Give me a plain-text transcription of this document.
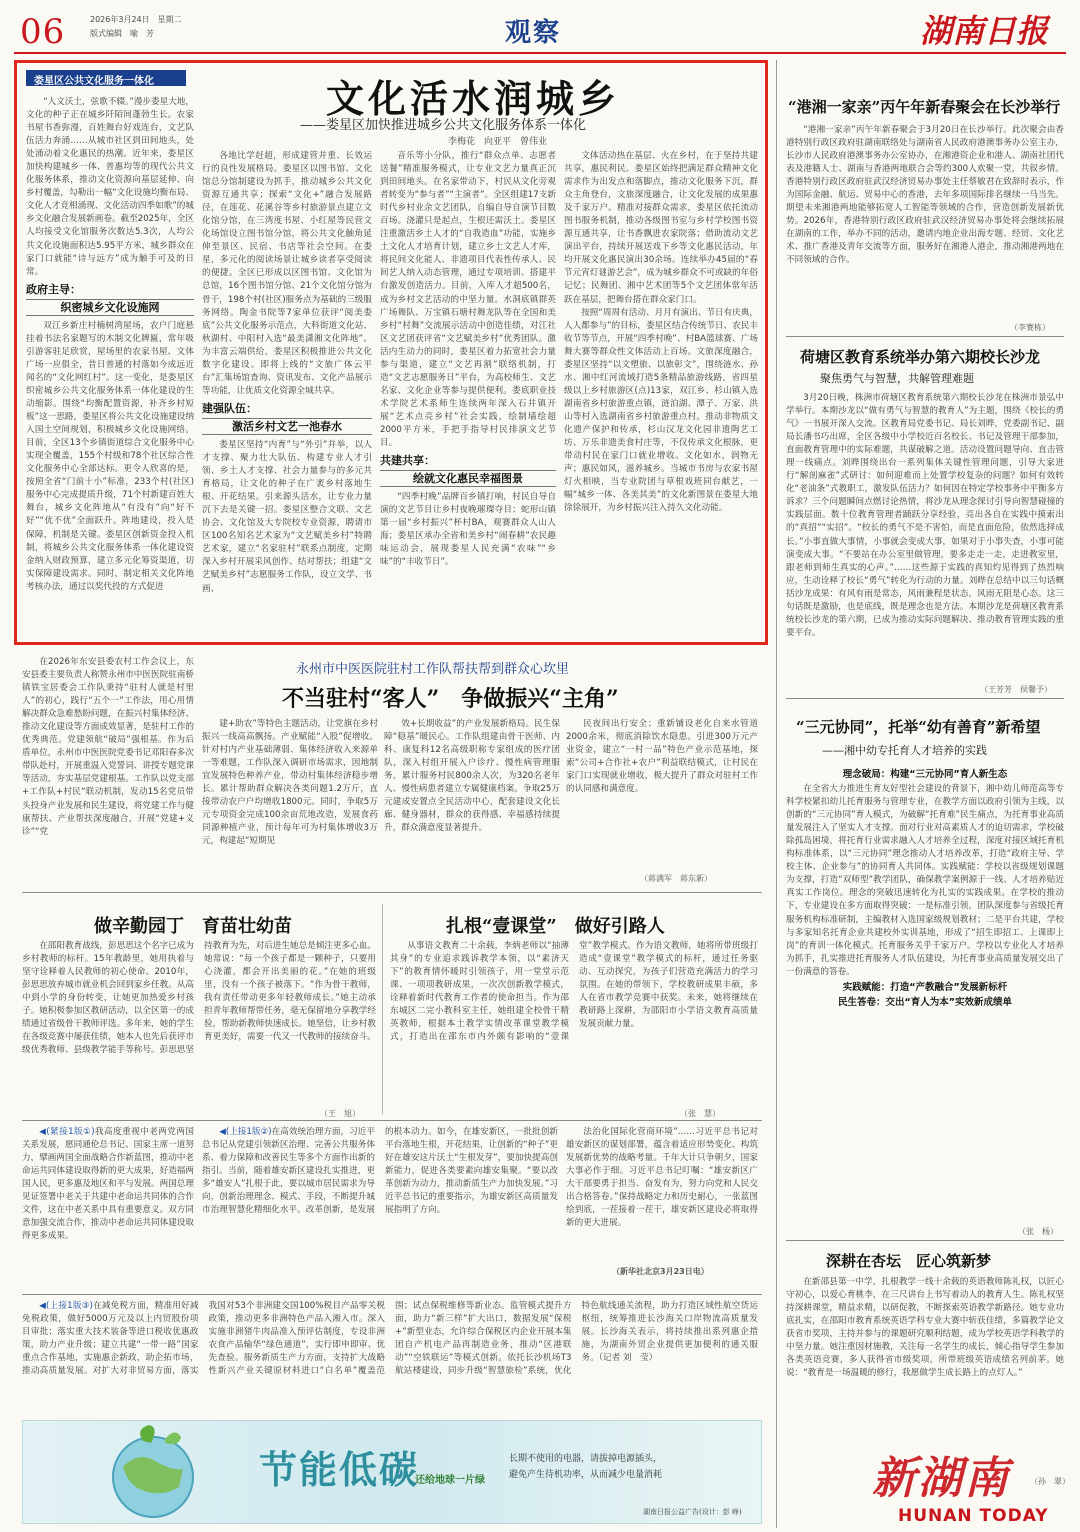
06	2026年3月24日　星期二
版式编辑　喻　芳	观察	湖南日报
娄星区公共文化服务一体化	文化活水润城乡
——娄星区加快推进城乡公共文化服务体系一体化
李梅花　向亚平　曾伟业

“人文沃土，弦歌不辍。”漫步娄星大地，文化的种子正在城乡阡陌间蓬勃生长。农家书屋书香弥漫，百姓舞台好戏连台，文艺队伍活力奔涌……从城市社区到田间地头，处处涌动着文化惠民的热潮。近年来，娄星区加快构建城乡一体、普惠均等的现代公共文化服务体系，推动文化资源向基层延伸、向乡村覆盖，勾勒出一幅“文化设施均衡布局、文化人才竞相涌现、文化活动四季如歌”的城乡文化融合发展新画卷。截至2025年，全区人均接受文化馆服务次数达5.3次，人均公共文化设施面积达5.95平方米，城乡群众在家门口就能“诗与远方”成为触手可及的日常。

政府主导：
织密城乡文化设施网

双江乡新庄村楠树湾屋场，农户门庭悬挂着书法名家题写的木制文化牌匾，常年吸引游客驻足欣赏，屋场里的农家书屋、文体广场一应俱全，昔日普通的村落如今成远近闻名的“文化网红村”。这一变化，是娄星区织密城乡公共文化服务体系一体化建设的生动缩影。围绕“均衡配置资源，补齐乡村短板”这一思路，娄星区将公共文化设施建设纳入国土空间规划，积极城乡文化设施网络。目前，全区13个乡镇街道综合文化服务中心实现全覆盖，155个村级和78个社区综合性文化服务中心全部达标。更令人欣喜的是，按照全省“门前十小”标准，233个村(社区)服务中心完成提质升级，71个村新建百姓大舞台，城乡文化阵地从“有没有”向“好不好”“优不优”全面跃升。阵地建设，投入是保障，机制是关键。娄星区创新资金投入机制，将城乡公共文化服务体系一体化建设资金纳入财政预算，建立多元化筹资渠道，切实保障建设需求。同时，制定相关文化阵地考核办法，通过以奖代投的方式促进

各地比学赶超，形成建管并重、长效运行的良性发展格局。娄星区以图书馆、文化馆总分馆制建设为抓手，推动城乡公共文化资源互通共享；探索“文化+”融合发展路径，在莲花、花溪谷等乡村旅游景点建立文化馆分馆，在三湾度书屋、小红屋等民营文化场馆设立图书馆分馆，将公共文化触角延伸至景区、民宿、书店等社会空间。在娄星，多元化的阅读场景让城乡读者享受阅读的便捷。全区已形成以区图书馆、文化馆为总馆，16个图书馆分馆、21个文化馆分馆为骨干，198个村(社区)服务点为基础的三级服务网络。陶金书院等7家单位获评“阅美娄底”公共文化服务示范点，大科街道文化站、秋湖村、中阳村入选“最美潇湘文化阵地”。为丰富云端供给，娄星区积极推进公共文化数字化建设。即将上线的“文旅广体云平台”汇集场馆查询、资讯发布、文化产品展示等功能，让优质文化资源全城共享。

建强队伍：
激活乡村文艺一池春水

娄星区坚持“内育”与“外引”并举，以人才支撑、聚力壮大队伍、构建专业人才引领、乡土人才支撑、社会力量参与的多元共育格局，让文化的种子在广袤乡村落地生根、开花结果。引来源头活水，让专业力量沉下去是关键一招。娄星区整合文联、文艺协会、文化馆及大专院校专业资源，聘请市区100名知名艺术家为“文艺赋美乡村”特聘艺术家，建立“名家驻村”联系点制度，定期深入乡村开展采风创作、结对帮扶；组建“文艺赋美乡村”志愿服务工作队，设立文学、书画、

音乐等小分队，推行“群众点单、志愿者送餐”精准服务模式，让专业文艺力量真正沉到田间地头。在名家带动下，村民从文化旁观者转变为“参与者”“主演者”。全区组建17支新时代乡村业余文艺团队，自编自导自演节目数百场。浇灌只是起点，生根还需沃土。娄星区注重激活乡土人才的“自我造血”功能，实施乡土文化人才培育计划，建立乡土文艺人才库，将民间文化能人、非遗项目代表性传承人、民间艺人纳入动态管理，通过专项培训、搭建平台激发创造活力。目前，入库人才超500名，成为乡村文艺活动的中坚力量。水洞底镇群英广场舞队、万宝镇石塘村舞龙队等在全国和美乡村“村舞”交流展示活动中创造佳绩，对江社区文艺团获评省“文艺赋美乡村”优秀团队。激活内生动力的同时，娄星区着力拓宽社会力量参与渠道，建立“文艺再割”联络机制，打造“文艺志愿服务日”平台，为高校师生、文艺名家、文化企业等参与提供便利。娄底职业技术学院艺术系师生连续两年深入石井镇开展“艺术点亮乡村”社会实践，绘制墙绘超2000平方米，手把手指导村民排演文艺节目。

共建共享：
绘就文化惠民幸福图景

“四季村晚”品牌百乡镇打响，村民自导自演的文艺节目让乡村夜晚璀璨夺目；蛇形山镇第一届“乡村振兴”杯村BA，观赛群众人山人海；娄星区承办全省和美乡村“闹春耕”农民趣味运动会，展现娄星人民充满“农味”“乡味”的“丰收节日”。

文体活动热在基层、火在乡村，在于坚持共建共享，惠民利民。娄星区始终把满足群众精神文化需求作为出发点和落脚点，推动文化服务下沉，群众主角登台，文旅深度融合，让文化发展的成果惠及千家万户。精准对接群众需求，娄星区依托流动图书服务机制，推动各级图书室与乡村学校图书资源互通共享，让书香飘进农家院落；借助流动文艺演出平台，持续开展送戏下乡等文化惠民活动，年均开展文化惠民演出30余场。连续举办45届的“春节元宵灯谜游艺会”，成为城乡群众不可或缺的年俗记忆；民舞团、湘中艺术团等5个文艺团体常年活跃在基层，把舞台搭在群众家门口。

按照“周周有活动、月月有演出、节日有庆典，人人都参与”的目标，娄星区结合传统节日、农民丰收节等节点，开展“四季村晚”、村BA篮球赛、广场舞大赛等群众性文体活动上百场。文旅深度融合，娄星区坚持“以文塑旅、以旅彰文”，围绕涟水、孙水、湘中红河流域打造5条精品旅游线路，省四星级以上乡村旅游区(点)13家，双江乡、杉山镇入选湖南省乡村旅游重点镇，涟泊湖、潭子、万家、洪山等村入选湖南省乡村旅游重点村。推动非物质文化遗产保护和传承，杉山汉龙文化园非遗陶艺工坊、万乐非遗美食村庄等，不仅传承文化根脉，更带动村民在家门口就业增收。文化如水，润物无声；惠民如风，滋养城乡。当城市书房与农家书屋灯火相映，当专业院团与草根戏班同台献艺，一幅“城乡一体、各美其美”的文化新图景在娄星大地徐徐展开，为乡村振兴注入持久文化动能。

在2026年东安县委农村工作会议上，东安县委主要负责人称赞永州市中医医院驻南桥镇铁宝居委会工作队秉持“驻村人就是村里人”的初心，践行“五个一”工作法，用心用情解决群众急难愁盼问题，在振兴村集体经济、推动文化建设等方面成效显著，是驻村工作的优秀典范。党建领航“破局”强根基。作为后盾单位，永州市中医医院党委书记邓阳春多次带队赴村，开展重温入党誓词、讲授专题党课等活动，夯实基层党建根基。工作队以党支部+工作队+村民“联动机制，发动15名党员带头投身产业发展和民生建设，将党建工作与健康帮扶、产业帮扶深度融合，开展“党建+义诊”“党

永州市中医医院驻村工作队帮扶帮到群众心坎里
不当驻村“客人”　争做振兴“主角”

建+助农”等特色主题活动，让党旗在乡村振兴一线高高飘扬。产业赋能“入股”促增收。针对村内产业基础薄弱、集体经济收入来源单一等难题，工作队深入调研市场需求，因地制宜发展特色种养产业，带动村集体经济稳步增长。累计帮助群众解决各类问题1.2万斤，直接带动农户户均增收1800元。同时，争取5万元专项资金完成100余亩荒地改造，发展食药同源种植产业，预计每年可为村集体增收3万元，构建起“短期见

效+长期收益”的产业发展新格局。民生保障“稳基”暖民心。工作队组建由骨干医师、内科、康复科12名高级职称专家组成的医疗团队，深入村组开展入户诊疗、慢性病管理服务，累计服务村民800余人次，为320名老年人、慢性病患者建立专属健康档案。争取25万元建成安置点全民活动中心，配套建设文化长廊、健身器材，群众的获得感、幸福感持续提升，群众满意度显著提升。

民夜间出行安全；重新铺设老化自来水管道2000余米，彻底消除饮水隐患。引进300万元产业资金，建立“一村一品”特色产业示范基地，探索“公司+合作社+农户”利益联结模式，让村民在家门口实现就业增收，极大提升了群众对驻村工作的认同感和满意度。

（蒋满军　蒋东新）
做辛勤园丁　育苗壮幼苗

在邵阳教育战线，彭思思这个名字已成为乡村教师的标杆。15年教龄里，她用执着与坚守诠释着人民教师的初心使命。2010年，彭思思放弃城市就业机会回到家乡任教。从高中到小学的身份转变，让她更加热爱乡村孩子。她积极参加区教研活动，以全区第一的成绩通过省级骨干教师评选。多年来，她的学生在各级竞赛中屡获佳绩，她本人也先后获评市级优秀教师、县级教学能手等称号。彭思思坚持教育为先，对后进生她总是倾注更多心血。她常说：“每一个孩子都是一颗种子，只要用心浇灌，都会开出美丽的花。”在她的班级里，没有一个孩子被落下。“作为骨干教师，我有责任带动更多年轻教师成长。”她主动承担青年教师帮带任务，毫无保留地分享教学经验，帮助新教师快速成长。她坚信，让乡村教育更美好，需要一代又一代教师的接续奋斗。

（王　旭）
扎根“壹课堂”　做好引路人

从事语文教育二十余载，李炳老师以“抽薄其身”的专业追求践诉教学本领，以“素济天下”的教育情怀暖时引领孩子，用一堂堂示范课、一项项教研成果，一次次创新教学模式，诠释着新时代教育工作者的使命担当。作为邵东城区二完小教科室主任，她组建全校骨干精英教师，根据本土教学实情改革课堂教学模式，打造出在邵东市内外颇有影响的“壹课堂”教学模式。作为语文教师，她将所带班级打造成“壹课堂”教学模式的标杆，通过任务驱动、互动探究，为孩子们营造充满活力的学习氛围。在她的带领下，学校教研成果丰硕，多人在省市教学竞赛中获奖。未来，她将继续在教研路上深耕，为邵阳市小学语文教育高质量发展贡献力量。

（张　慧）

◀(紧接1版①)我高度重视中老两党两国关系发展，愿同通伦总书记、国家主席一道努力，擘画两国全面战略合作新蓝图，推动中老命运共同体建设取得新的更大成果，好造福两国人民，更多惠及地区和平与发展。两国总理见证签署中老关于共建中老命运共同体的合作文件，这在中老关系中具有重要意义。双方同意加强交流合作，推动中老命运共同体建设取得更多成果。

◀(上接1版②)在高效统治理方面，习近平总书记从党建引领新区治理、完善公共服务体系、着力保障和改善民生等多个方面作出新的指引。当前，随着雄安新区建设扎实推进，更多“雄安人”扎根于此，要以城市居民需求为导向，创新治理理念、模式、手段，不断提升城市治理智慧化精细化水平。改革创新，是发展的根本动力。如今，在雄安新区，一批批创新平台落地生根，开花结果，让创新的“种子”更好在雄安这片沃土“生根发芽”，要加快提高创新能力，促进各类要素向雄安集聚。“要以改革创新为动力，推动新质生产力加快发展。”习近平总书记的重要指示，为雄安新区高质量发展指明了方向。

法治化国际化营商环境”……习近平总书记对雄安新区的谋划部署，蕴含着适应形势变化、构筑发展新优势的战略考量。千年大计只争朝夕，国家大事必作于细。习近平总书记叮嘱：“雄安新区广大干部要勇于担当、奋发有为，努力向党和人民交出合格答卷。”保持战略定力和历史耐心，一张蓝图绘到底，一茬接着一茬干，雄安新区建设必将取得新的更大进展。

（新华社北京3月23日电）

◀(上接1版③)在减免税方面，精准用好减免税政策，做好5000万元及以上内贸股份项目审批；落实重大技术装备等进口税收优惠政策，助力产业升级；建立共建“一带一路”国家重点合作基地，实施惠企新政，助企拓市场，推动高质量发展。对扩大对非贸易方面，落实我国对53个非洲建交国100%税目产品零关税政策，推动更多非洲特色产品入湘入市。深入实施非洲猪牛肉品准入预评估制度，专设非洲农食产品输华“绿色通道”，实行即申即审、优先查验。服务新质生产力方面，支持扩大战略性新兴产业关键原材料进口“白名单”覆盖范围；试点保税维修等新业态。监管模式提升方面，助力“新三样”扩大出口，数据发展“保税+”新型业态，允许综合保税区内企业开展本集团自产机电产品再制造业务，推动“区港联动”“空铁联运”等模式创新。依托长沙机场T3航站楼建设，同步升级“智慧旅检”系统，优化特色航线通关流程，助力打造区域性航空货运枢纽，统筹推进长沙海关口岸物流高质量发展。长沙海关表示，将持续推出系列惠企措施，为湖南外贸企业提供更加便利的通关服务。（记者 刘　莹）

节能低碳
还给地球一片绿
长期不使用的电器，请拔掉电源插头，
避免产生待机功率，从而减少电量消耗
湖南日报公益广告(设计：彭 峥)
“港湘一家亲”丙午年新春聚会在长沙举行

“港湘一家亲”丙午年新春聚会于3月20日在长沙举行。此次聚会由香港特别行政区政府驻湖南联络处与湖南省人民政府港澳事务办公室主办，长沙市人民政府港澳事务办公室协办，在湘港资企业和港人、湖南社团代表及港籍人士、湖南与香港两地联合会等约300人欢聚一堂，共叙乡情。香港特别行政区政府驻武汉经济贸易办事处主任蔡敏君在致辞时表示，作为国际金融、航运、贸易中心的香港，去年多项国际排名继续一马当先。期望未来湘港两地能够拓宽人工智能等领域的合作，营造创新发展新优势。2026年，香港特别行政区政府驻武汉经济贸易办事处将会继续拓展在湖南的工作，举办不同的活动，邀请内地企业出海专题、经贸、文化艺术、推广香港及青年交流等方面，服务好在湘港人港企，推动湘港两地在不同领域的合作。

（李赛栋）
荷塘区教育系统举办第六期校长沙龙
聚焦勇气与智慧，共解管理难题

3月20日晚，株洲市荷塘区教育系统第六期校长沙龙在株洲市景弘中学举行。本期沙龙以“做有勇气与智慧的教育人”为主题，围绕《校长的勇气》一书展开深入交流。区教育局党委书记、局长刘晔，党委副书记、副局长潘书巧出席，全区各级中小学校近百名校长、书记及管理干部参加，直面教育管理中的实际难题，共谋破解之道。活动设置问题导向、直击管理一线痛点。刘晔围绕出台一系列集体关键性管理问题，引导大家进行“解剖麻雀”式研讨：如何迎难而上处置学校复杂的问题？如何有效转化“老油条”式教职工，激发队伍活力？如何因在特定学校事务中平衡多方诉求？三个问题瞬间点燃讨论热情，将沙龙从理念探讨引导向智慧碰撞的实践层面。数十位教育管理者踊跃分享经验，亮出各自在实践中摸索出的“真招”“实招”。“校长的勇气不是不害怕，而是直面危险，依然选择成长。”小事直做大事情，小事就会变成大事，如果对于小事失查，小事可能演变成大事。“不要站在办公室里做管理，要多走走一走，走进教室里，跟老师到师生真实的心声。”……这些源于实践的真知灼见得到了热烈响应，生动诠释了校长“勇气”转化为行动的力量。刘晔在总结中以三句话概括沙龙成果：有风有雨是常态，风雨兼程是状态，风雨无阻是心态。这三句话既是激励，也是底线，既是理念也是方法。本期沙龙是荷塘区教育系统校长沙龙的第六期，已成为推动实际问题解决、推动教育管理实践的重要平台。

（王芳芳　侯馨予）
“三元协同”，托举“幼有善育”新希望
——湘中幼专托育人才培养的实践
理念破局：构建“三元协同”育人新生态

在全省大力推进生育友好型社会建设的背景下，湘中幼儿师范高等专科学校紧扣幼儿托育服务与管理专业，在教学方面以政府引领为主线，以创新的“三元协同”育人模式，为破解“托育难”民生痛点，为托育事业高质量发展注入了坚实人才支撑。面对行业对高素质人才的迫切需求，学校破除孤岛困境，将托育行业需求融入人才培养全过程，深度对接区域托育机构标准体系，以“三元协同”理念推动人才培养改革，打造“政府主导、学校主体、企业参与”的协同育人共同体。实践赋能：学校以省级规划课题为支撑，打造“双师型”教学团队，确保教学案例源于一线、人才培养贴近真实工作岗位。理念的突破迅速转化为扎实的实践成果。在学校的推动下，专业建设在多方面取得突破：一是标准引领，团队深度参与省级托育服务机构标准研制，主编教材入选国家级规划教材；二是平台共建，学校与多家知名托育企业共建校外实训基地，形成了“招生即招工、上课即上岗”的育训一体化模式。托育服务关乎千家万户。学校以专业化人才培养为抓手，扎实推进托育服务人才队伍建设，为托育事业高质量发展交出了一份满意的答卷。

实践赋能：打造“产教融合”发展新标杆
民生答卷：交出“育人为本”实效新成绩单
（张　杨）
深耕在杏坛　匠心筑新梦

在新邵县第一中学，扎根教学一线十余载的英语教师陈礼权，以匠心守初心，以爱心育桃李，在三尺讲台上书写着动人的教育人生。陈礼权坚持深耕课堂，精益求精，以研促教，不断探索英语教学新路径。她专业功底扎实，在邵阳市教育系统英语学科专业大赛中斩获佳绩，多篇教学论文获省市奖项，主持并参与的课题研究顺利结题，成为学校英语学科教学的中坚力量。她注重因材施教，关注每一名学生的成长，倾心指导学生参加各类英语竞赛，多人获得省市级奖项，所带班级英语成绩名列前茅。她说：“教育是一场温暖的修行，我愿做学生成长路上的点灯人。”

（孙　翠）
新湖南
HUNAN TODAY
